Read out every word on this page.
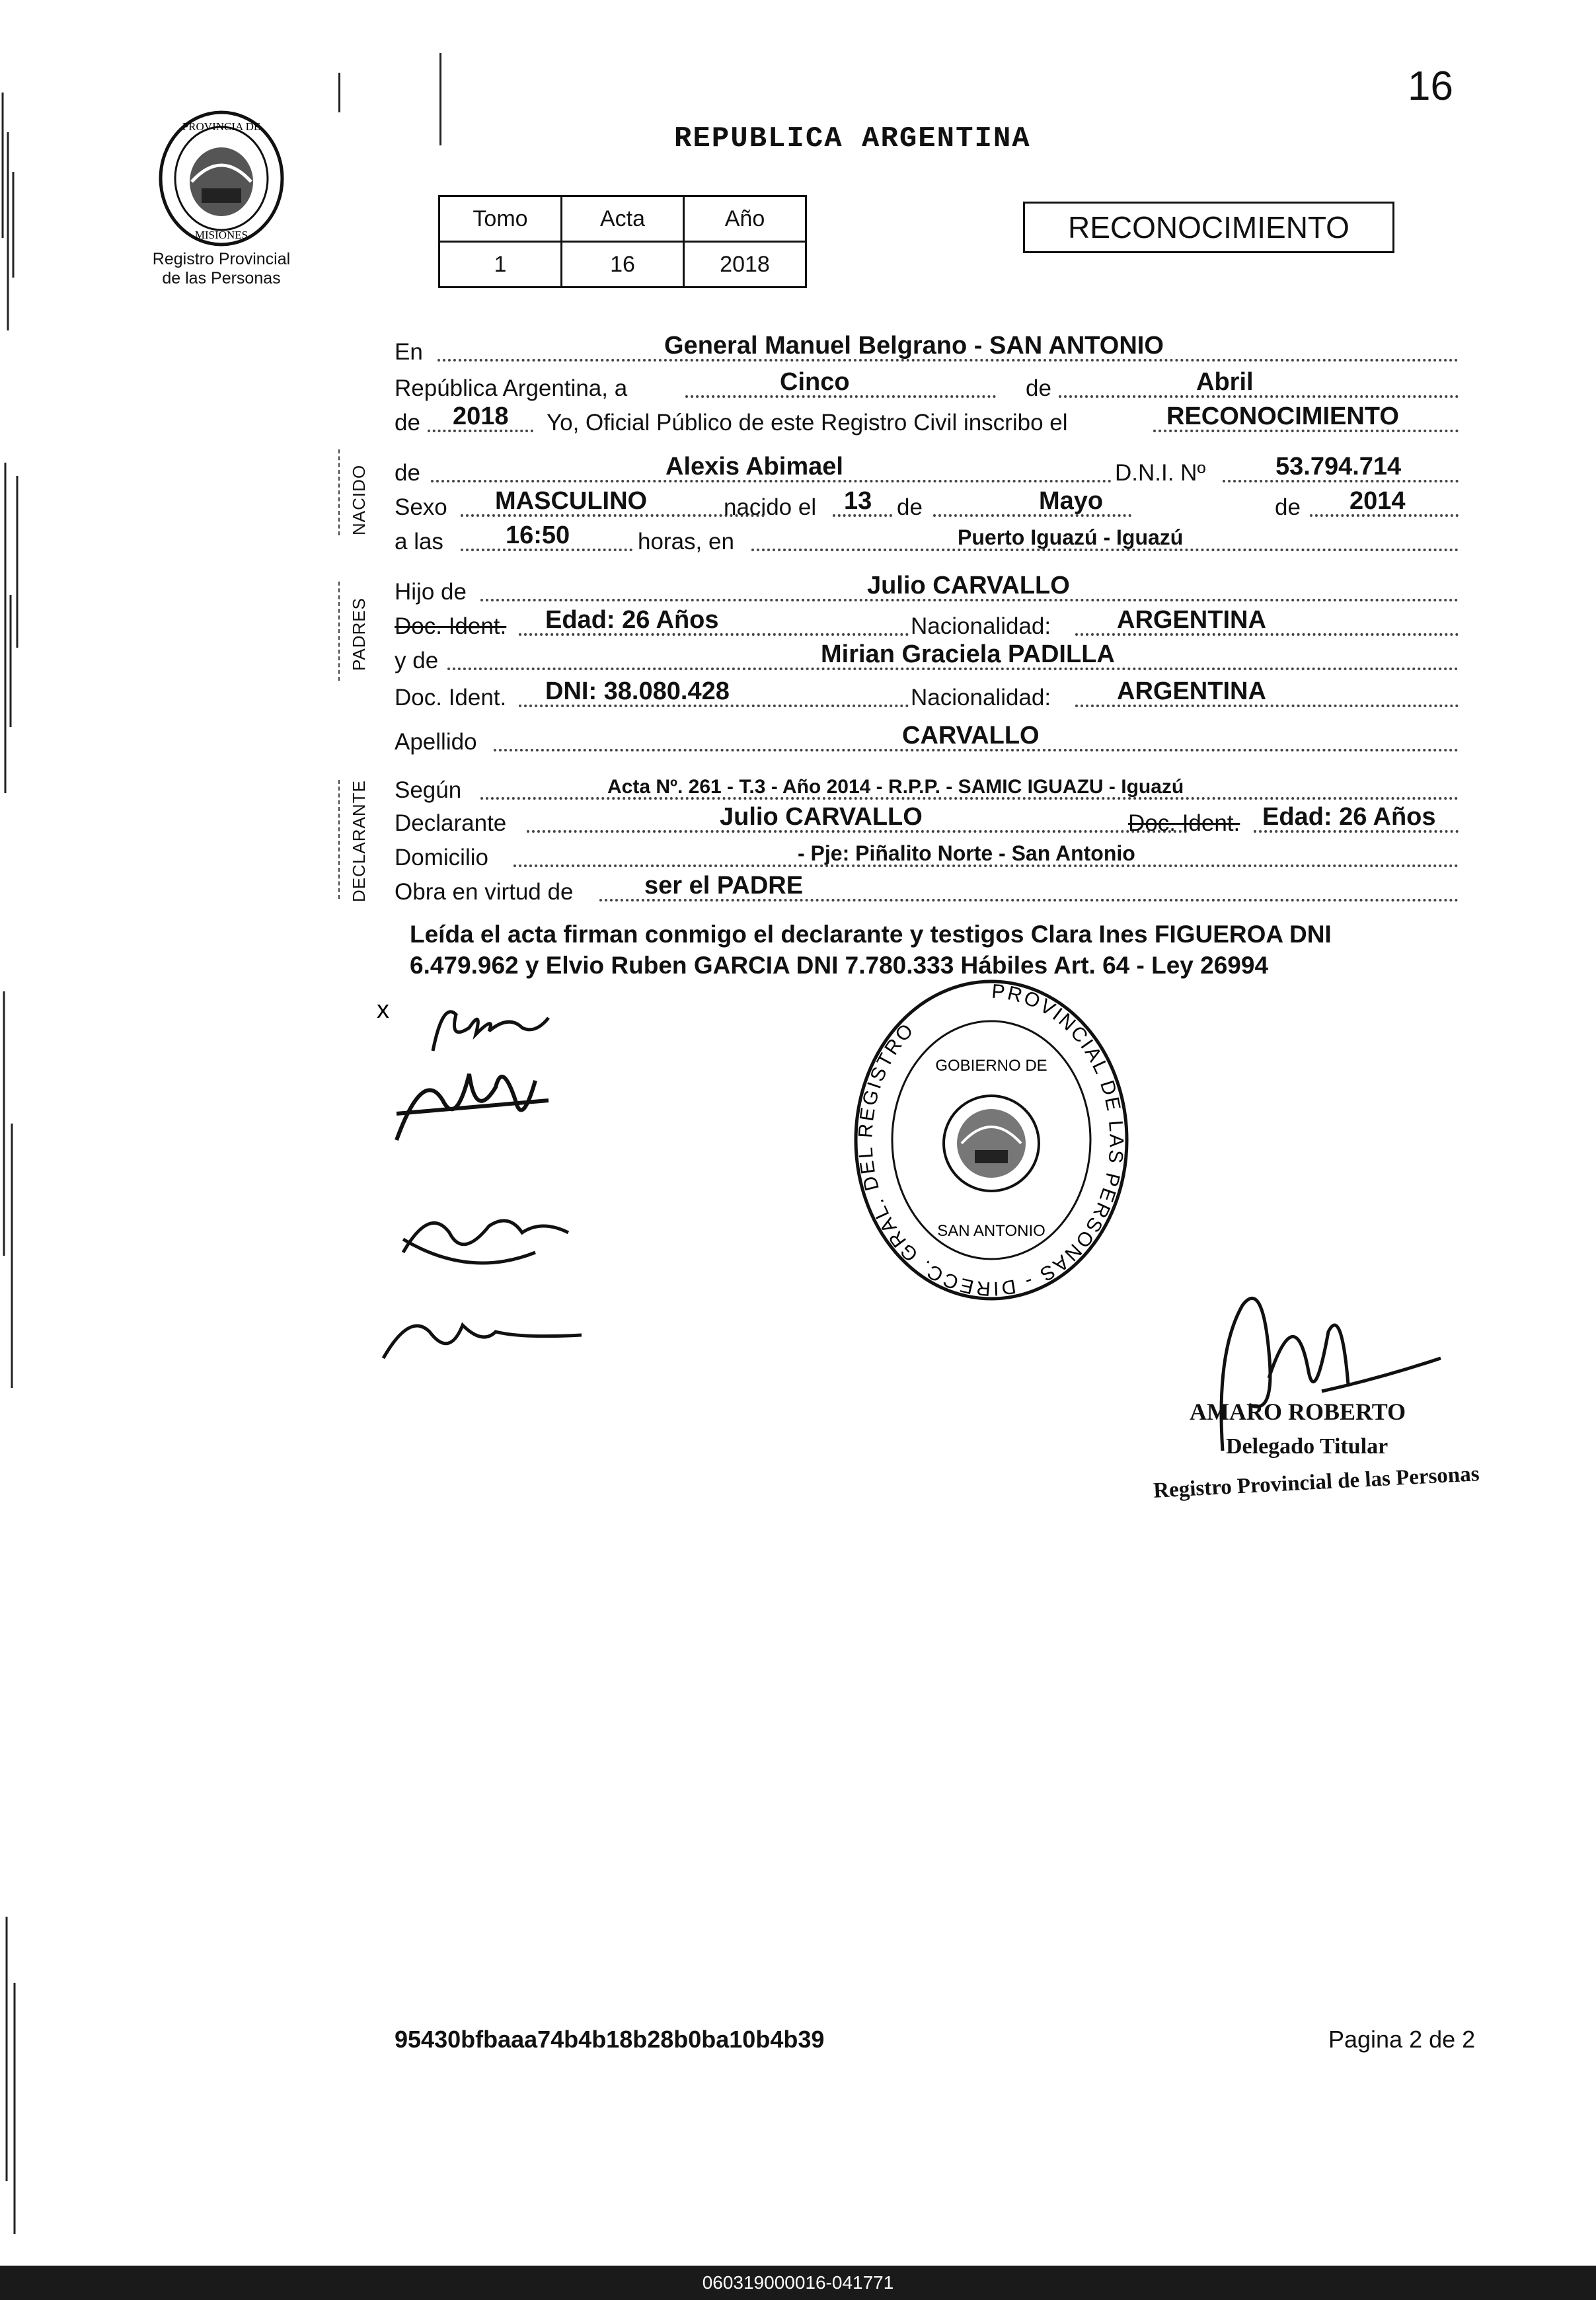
16
REPUBLICA ARGENTINA
PROVINCIA DE
MISIONES
Registro Provincial
de las Personas
Tomo	Acta	Año
1	16	2018
RECONOCIMIENTO
NACIDO
PADRES
DECLARANTE
En	General Manuel Belgrano - SAN ANTONIO
República Argentina, a	Cinco	de	Abril
de 2018 Yo, Oficial Público de este Registro Civil inscribo el	RECONOCIMIENTO
de	Alexis Abimael	D.N.I. Nº	53.794.714
Sexo MASCULINO	nacido el 13 de	Mayo	de 2014
a las 16:50	horas, en	Puerto Iguazú - Iguazú
Hijo de	Julio CARVALLO
Doc. Ident. Edad: 26 Años	Nacionalidad:	ARGENTINA
y de	Mirian Graciela PADILLA
Doc. Ident. DNI: 38.080.428	Nacionalidad:	ARGENTINA
Apellido	CARVALLO
Según	Acta Nº. 261 - T.3 - Año 2014 - R.P.P. - SAMIC IGUAZU - Iguazú
Declarante	Julio CARVALLO	Doc. Ident. Edad: 26 Años
Domicilio	- Pje: Piñalito Norte - San Antonio
Obra en virtud de	ser el PADRE
Leída el acta firman conmigo el declarante y testigos Clara Ines FIGUEROA DNI
6.479.962 y Elvio Ruben GARCIA DNI 7.780.333 Hábiles Art. 64 - Ley 26994
x
PROVINCIAL DE LAS PERSONAS - DIRECC. GRAL. DEL REGISTRO
GOBIERNO DE
SAN ANTONIO
AMARO ROBERTO
Delegado Titular
Registro Provincial de las Personas
95430bfbaaa74b4b18b28b0ba10b4b39	Pagina 2 de 2
060319000016-041771
